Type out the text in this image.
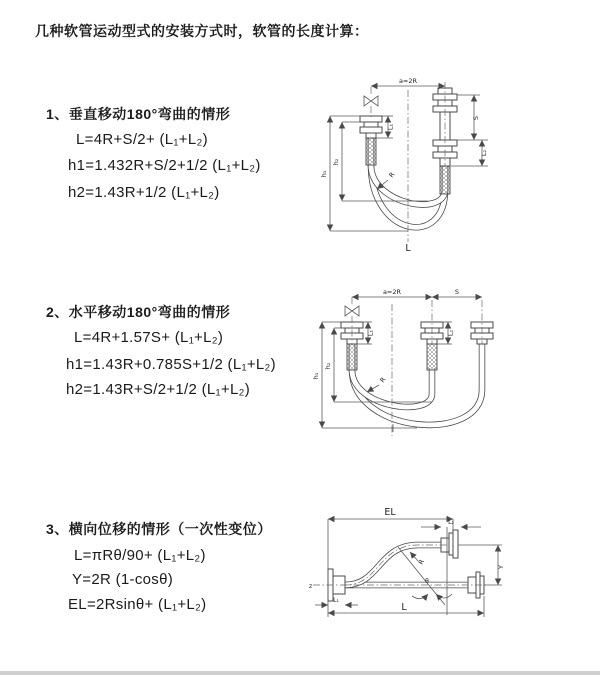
几种软管运动型式的安装方式时，软管的长度计算：
1、垂直移动180°弯曲的情形
L=4R+S/2+ (L₁+L₂)
h1=1.432R+S/2+1/2 (L₁+L₂)
h2=1.43R+1/2 (L₁+L₂)
2、水平移动180°弯曲的情形
L=4R+1.57S+ (L₁+L₂)
h1=1.43R+0.785S+1/2 (L₁+L₂)
h2=1.43R+S/2+1/2 (L₁+L₂)
3、横向位移的情形（一次性变位）
L=πRθ/90+ (L₁+L₂)
Y=2R (1-cosθ)
EL=2Rsinθ+ (L₁+L₂)
a=2R
L₁
S
L₂
h₁
h₂
R
L
a=2R	S
L₁	L₂
h₁
h₂
R
EL
L₂
Y
R
θ
L
L₁
z
